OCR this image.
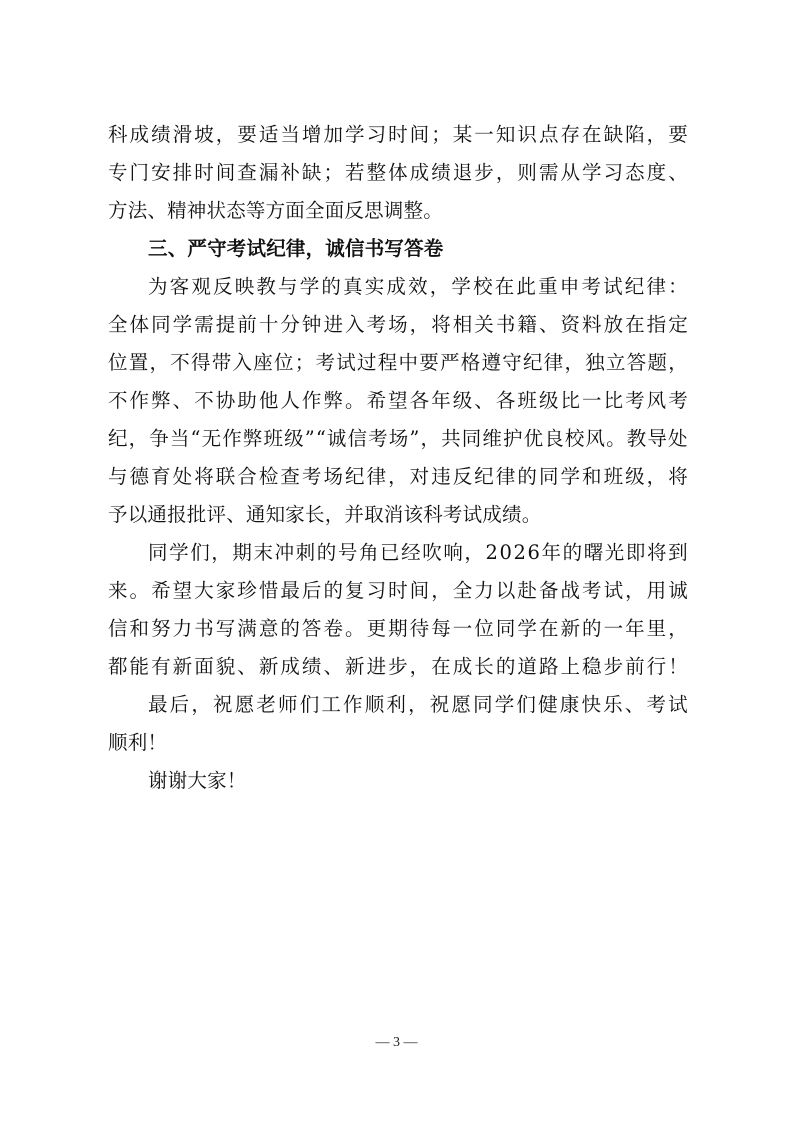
科 成 绩 滑 坡 ， 要 适 当 增 加 学 习 时 间 ； 某 一 知 识 点 存 在 缺 陷 ， 要
专 门 安 排 时 间 查 漏 补 缺 ； 若 整 体 成 绩 退 步 ， 则 需 从 学 习 态 度 、
方法、精神状态等方面全面反思调整。
三、严守考试纪律，诚信书写答卷
为 客 观 反 映 教 与 学 的 真 实 成 效 ， 学 校 在 此 重 申 考 试 纪 律 ：
全 体 同 学 需 提 前 十 分 钟 进 入 考 场 ， 将 相 关 书 籍 、 资 料 放 在 指 定
位 置 ， 不 得 带 入 座 位 ； 考 试 过 程 中 要 严 格 遵 守 纪 律 ， 独 立 答 题 ，
不 作 弊 、 不 协 助 他 人 作 弊 。 希 望 各 年 级 、 各 班 级 比 一 比 考 风 考
纪 ， 争 当 “ 无 作 弊 班 级 ” “ 诚 信 考 场 ” ， 共 同 维 护 优 良 校 风 。 教 导 处
与 德 育 处 将 联 合 检 查 考 场 纪 律 ， 对 违 反 纪 律 的 同 学 和 班 级 ， 将
予以通报批评、通知家长，并取消该科考试成绩。
同 学 们 ， 期 末 冲 刺 的 号 角 已 经 吹 响 ， 2 0 2 6 年 的 曙 光 即 将 到
来 。 希 望 大 家 珍 惜 最 后 的 复 习 时 间 ， 全 力 以 赴 备 战 考 试 ， 用 诚
信 和 努 力 书 写 满 意 的 答 卷 。 更 期 待 每 一 位 同 学 在 新 的 一 年 里 ，
都 能 有 新 面 貌 、 新 成 绩 、 新 进 步 ， 在 成 长 的 道 路 上 稳 步 前 行 ！
最 后 ， 祝 愿 老 师 们 工 作 顺 利 ， 祝 愿 同 学 们 健 康 快 乐 、 考 试
顺利！
谢谢大家！
— 3 —
